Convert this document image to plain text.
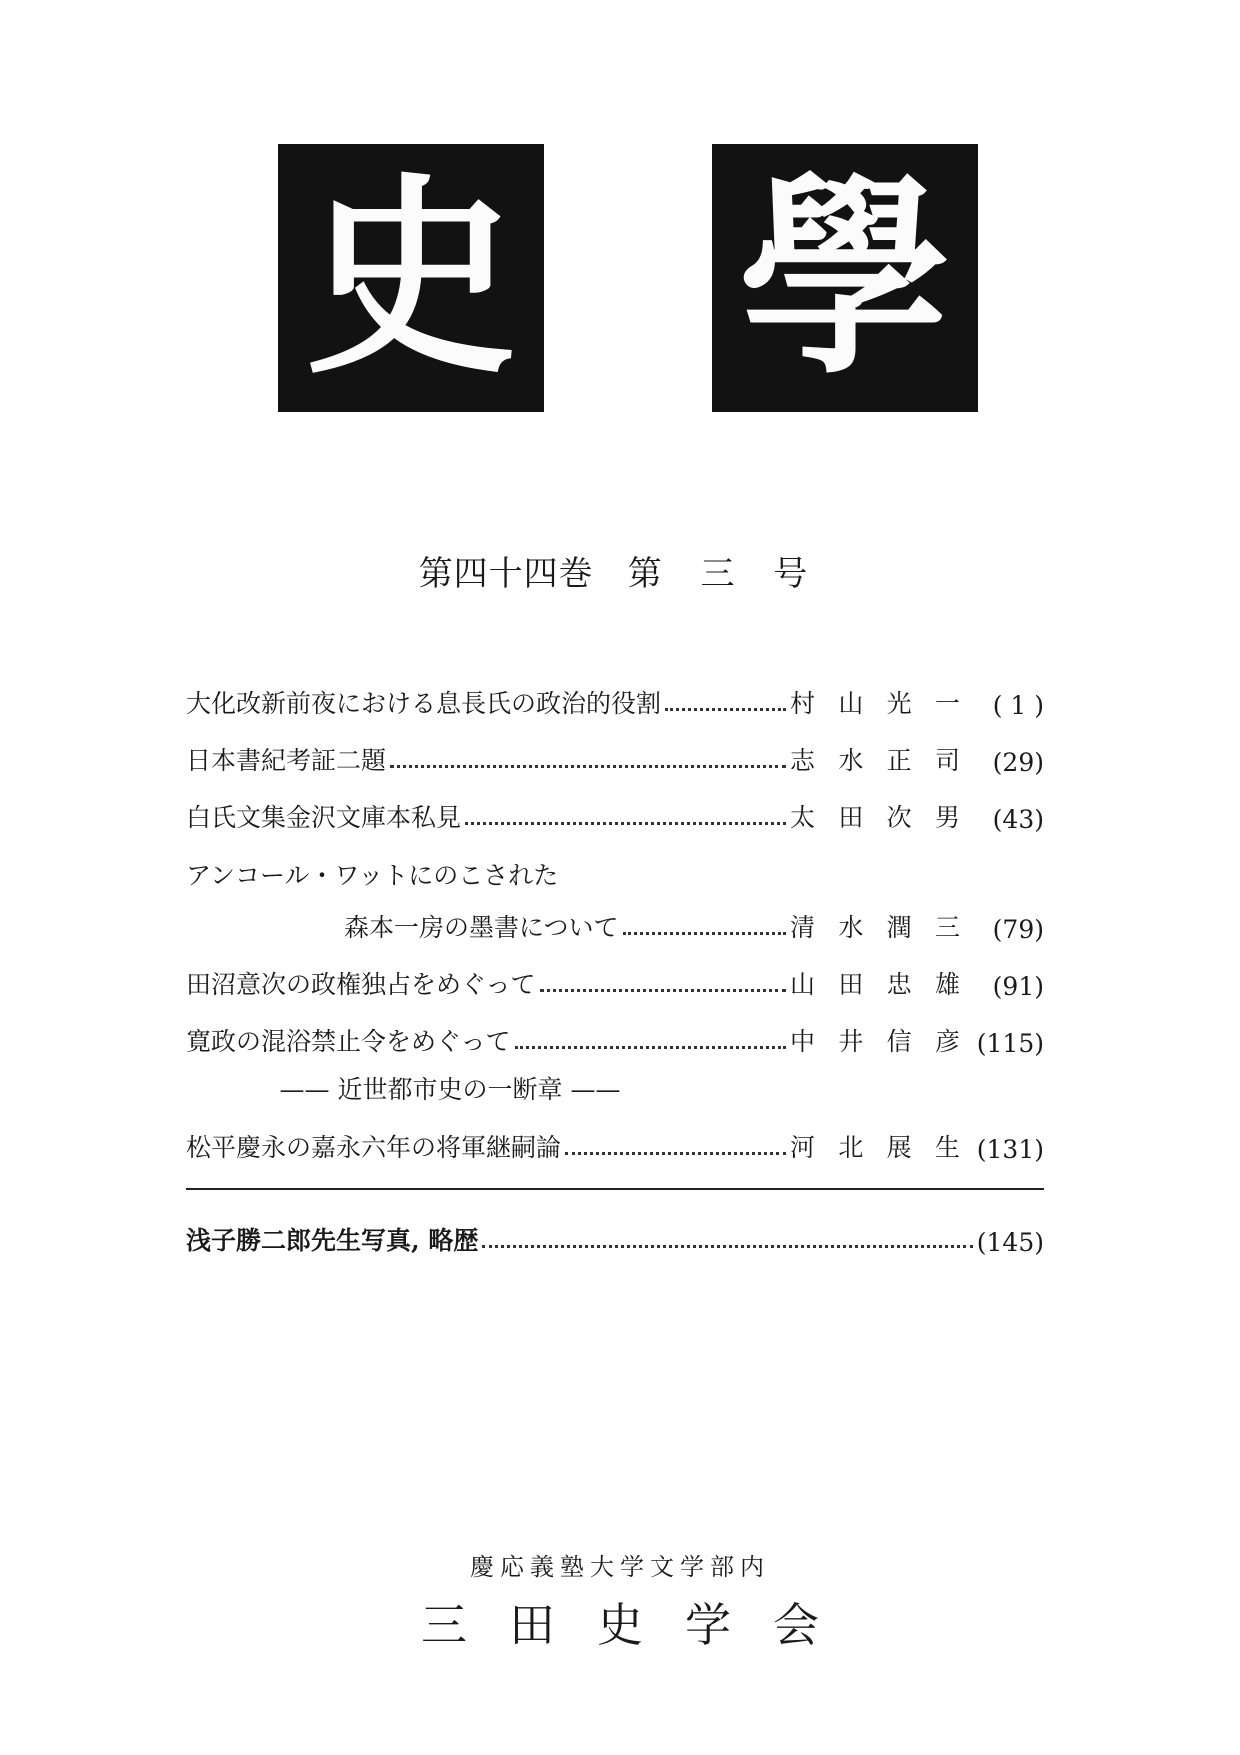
史 學
第四十四巻 第 三 号
大化改新前夜における息長氏の政治的役割	村 山 光 一	( 1 )
日本書紀考証二題	志 水 正 司	(29)
白氏文集金沢文庫本私見	太 田 次 男	(43)
アンコール・ワットにのこされた
森本一房の墨書について	清 水 潤 三	(79)
田沼意次の政権独占をめぐって	山 田 忠 雄	(91)
寛政の混浴禁止令をめぐって	中 井 信 彦 (115)
—— 近世都市史の一断章 ——
松平慶永の嘉永六年の将軍継嗣論	河 北 展 生 (131)
浅子勝二郎先生写真, 略歴	(145)
慶応義塾大学文学部内
三田史学会
